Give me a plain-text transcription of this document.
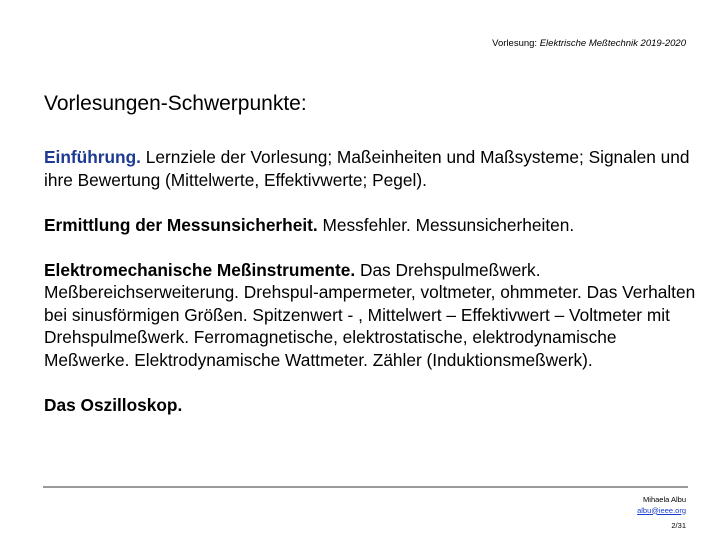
Vorlesung: Elektrische Meßtechnik 2019-2020
Vorlesungen-Schwerpunkte:

Einführung. Lernziele der Vorlesung; Maßeinheiten und Maßsysteme; Signalen und ihre Bewertung (Mittelwerte, Effektivwerte; Pegel).

Ermittlung der Messunsicherheit. Messfehler. Messunsicherheiten.

Elektromechanische Meßinstrumente. Das Drehspulmeßwerk. Meßbereichserweiterung. Drehspul-ampermeter, voltmeter, ohmmeter. Das Verhalten bei sinusförmigen Größen. Spitzenwert - , Mittelwert – Effektivwert – Voltmeter mit Drehspulmeßwerk. Ferromagnetische, elektrostatische, elektrodynamische Meßwerke. Elektrodynamische Wattmeter. Zähler (Induktionsmeßwerk).

Das Oszilloskop.

Mihaela Albu

albu@ieee.org
2/31
